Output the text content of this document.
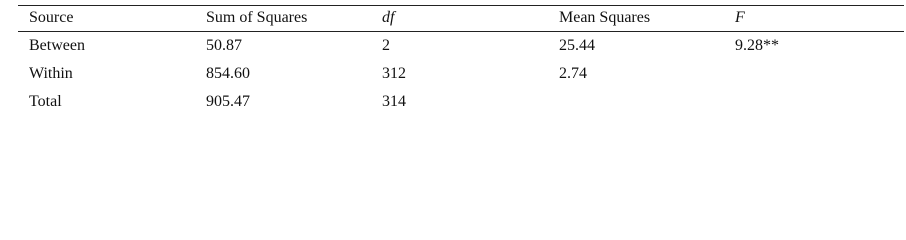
Source	Sum of Squares	df	Mean Squares	F
Between	50.87	2	25.44	9.28**
Within	854.60	312	2.74
Total	905.47	314
